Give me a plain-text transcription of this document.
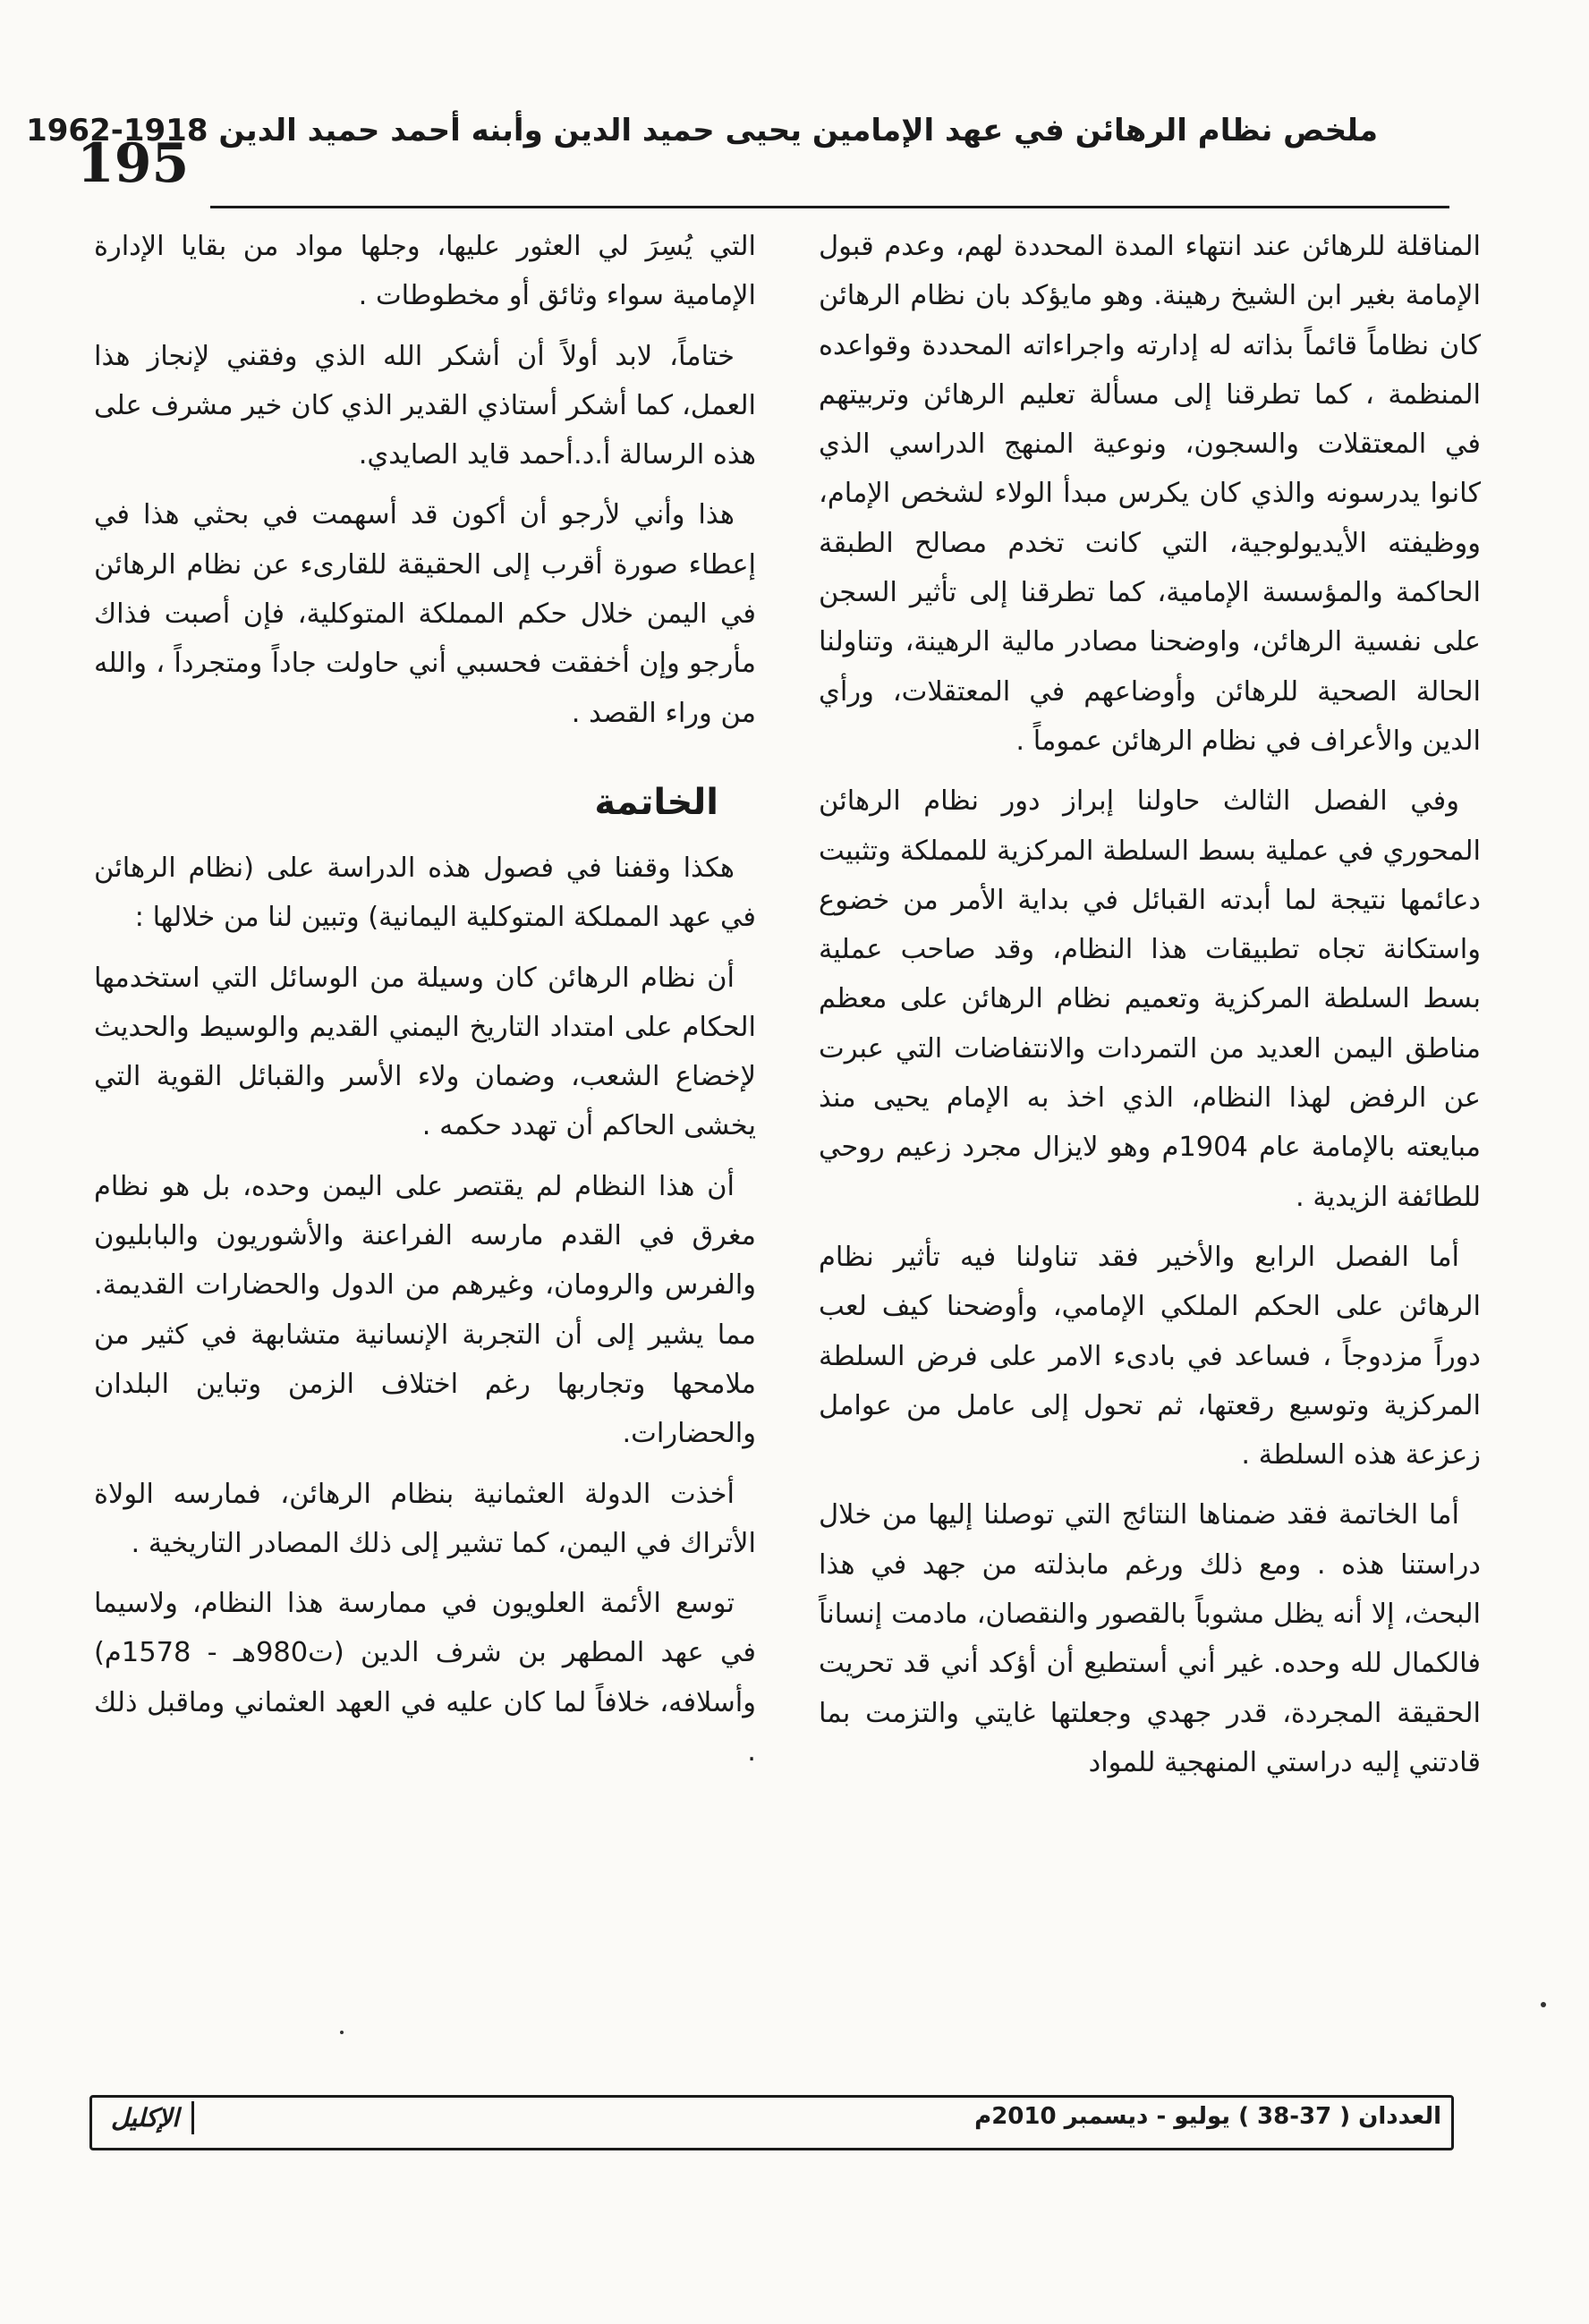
195
ملخص نظام الرهائن في عهد الإمامين يحيى حميد الدين وأبنه أحمد حميد الدين 1962-1918

المناقلة للرهائن عند انتهاء المدة المحددة لهم، وعدم قبول الإمامة بغير ابن الشيخ رهينة. وهو مايؤكد بان نظام الرهائن كان نظاماً قائماً بذاته له إدارته واجراءاته المحددة وقواعده المنظمة ، كما تطرقنا إلى مسألة تعليم الرهائن وتربيتهم في المعتقلات والسجون، ونوعية المنهج الدراسي الذي كانوا يدرسونه والذي كان يكرس مبدأ الولاء لشخص الإمام، ووظيفته الأيديولوجية، التي كانت تخدم مصالح الطبقة الحاكمة والمؤسسة الإمامية، كما تطرقنا إلى تأثير السجن على نفسية الرهائن، واوضحنا مصادر مالية الرهينة، وتناولنا الحالة الصحية للرهائن وأوضاعهم في المعتقلات، ورأي الدين والأعراف في نظام الرهائن عموماً .

وفي الفصل الثالث حاولنا إبراز دور نظام الرهائن المحوري في عملية بسط السلطة المركزية للمملكة وتثبيت دعائمها نتيجة لما أبدته القبائل في بداية الأمر من خضوع واستكانة تجاه تطبيقات هذا النظام، وقد صاحب عملية بسط السلطة المركزية وتعميم نظام الرهائن على معظم مناطق اليمن العديد من التمردات والانتفاضات التي عبرت عن الرفض لهذا النظام، الذي اخذ به الإمام يحيى منذ مبايعته بالإمامة عام 1904م وهو لايزال مجرد زعيم روحي للطائفة الزيدية .

أما الفصل الرابع والأخير فقد تناولنا فيه تأثير نظام الرهائن على الحكم الملكي الإمامي، وأوضحنا كيف لعب دوراً مزدوجاً ، فساعد في بادىء الامر على فرض السلطة المركزية وتوسيع رقعتها، ثم تحول إلى عامل من عوامل زعزعة هذه السلطة .

أما الخاتمة فقد ضمناها النتائج التي توصلنا إليها من خلال دراستنا هذه . ومع ذلك ورغم مابذلته من جهد في هذا البحث، إلا أنه يظل مشوباً بالقصور والنقصان، مادمت إنساناً فالكمال لله وحده. غير أني أستطيع أن أؤكد أني قد تحريت الحقيقة المجردة، قدر جهدي وجعلتها غايتي والتزمت بما قادتني إليه دراستي المنهجية للمواد

التي يُسِرَ لي العثور عليها، وجلها مواد من بقايا الإدارة الإمامية سواء وثائق أو مخطوطات .

ختاماً، لابد أولاً أن أشكر الله الذي وفقني لإنجاز هذا العمل، كما أشكر أستاذي القدير الذي كان خير مشرف على هذه الرسالة أ.د.أحمد قايد الصايدي.

هذا وأني لأرجو أن أكون قد أسهمت في بحثي هذا في إعطاء صورة أقرب إلى الحقيقة للقارىء عن نظام الرهائن في اليمن خلال حكم المملكة المتوكلية، فإن أصبت فذاك مأرجو وإن أخفقت فحسبي أني حاولت جاداً ومتجرداً ، والله من وراء القصد .

الخاتمة

هكذا وقفنا في فصول هذه الدراسة على (نظام الرهائن في عهد المملكة المتوكلية اليمانية) وتبين لنا من خلالها :

أن نظام الرهائن كان وسيلة من الوسائل التي استخدمها الحكام على امتداد التاريخ اليمني القديم والوسيط والحديث لإخضاع الشعب، وضمان ولاء الأسر والقبائل القوية التي يخشى الحاكم أن تهدد حكمه .

أن هذا النظام لم يقتصر على اليمن وحده، بل هو نظام مغرق في القدم مارسه الفراعنة والأشوريون والبابليون والفرس والرومان، وغيرهم من الدول والحضارات القديمة. مما يشير إلى أن التجربة الإنسانية متشابهة في كثير من ملامحها وتجاربها رغم اختلاف الزمن وتباين البلدان والحضارات.

أخذت الدولة العثمانية بنظام الرهائن، فمارسه الولاة الأتراك في اليمن، كما تشير إلى ذلك المصادر التاريخية .

توسع الأئمة العلويون في ممارسة هذا النظام، ولاسيما في عهد المطهر بن شرف الدين (ت980هـ - 1578م) وأسلافه، خلافاً لما كان عليه في العهد العثماني وماقبل ذلك .

العددان ( 37-38 ) يوليو - ديسمبر 2010م
الإكليل
